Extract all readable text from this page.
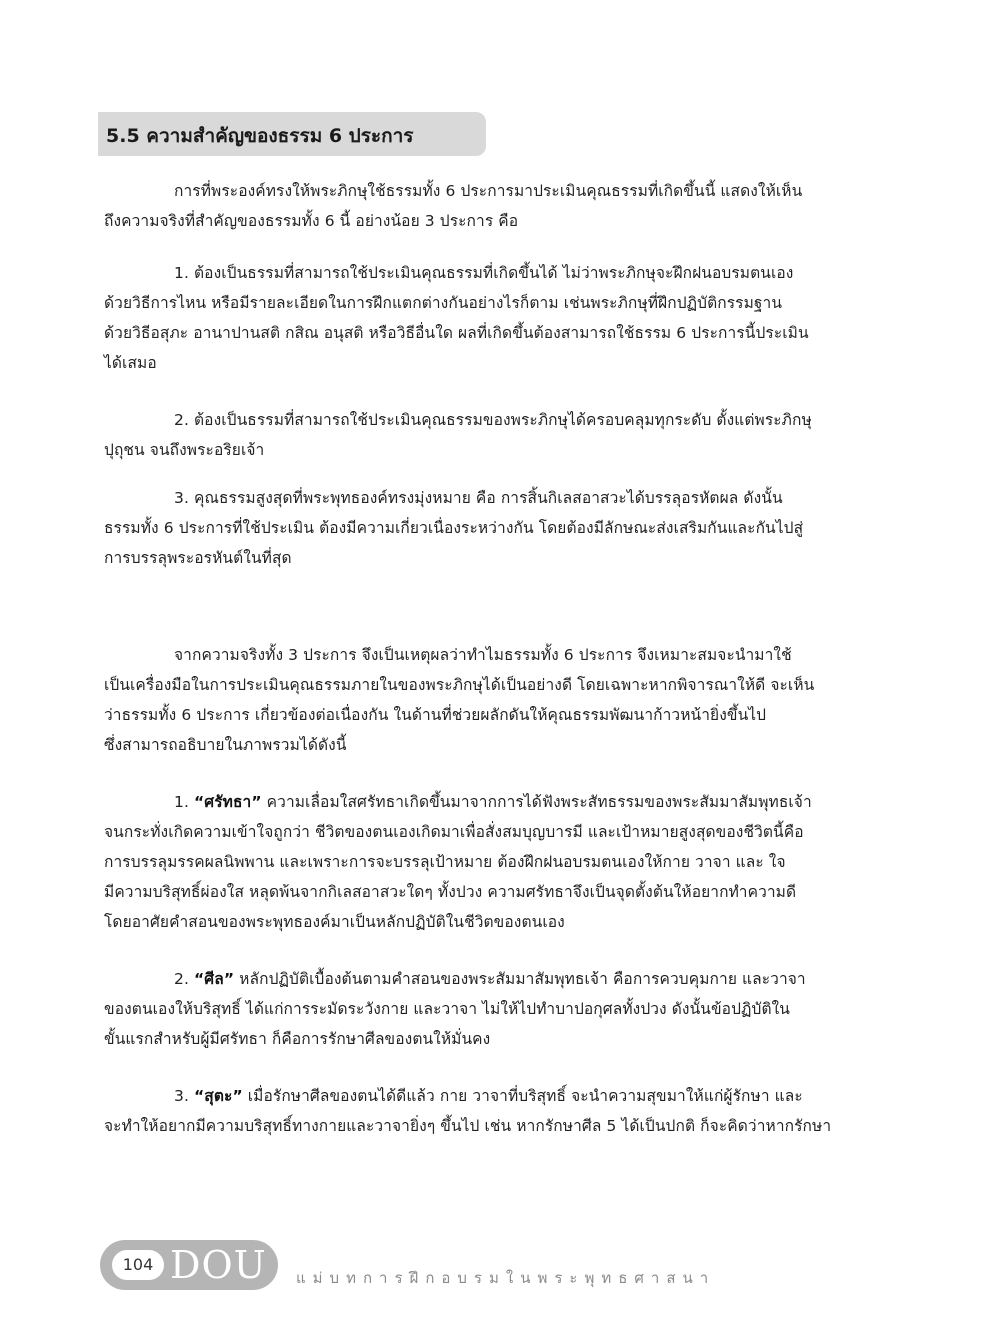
5.5 ความสำคัญของธรรม 6 ประการ
การที่พระองค์ทรงให้พระภิกษุใช้ธรรมทั้ง 6 ประการมาประเมินคุณธรรมที่เกิดขึ้นนี้ แสดงให้เห็น
ถึงความจริงที่สำคัญของธรรมทั้ง 6 นี้ อย่างน้อย 3 ประการ คือ
1. ต้องเป็นธรรมที่สามารถใช้ประเมินคุณธรรมที่เกิดขึ้นได้ ไม่ว่าพระภิกษุจะฝึกฝนอบรมตนเอง
ด้วยวิธีการไหน หรือมีรายละเอียดในการฝึกแตกต่างกันอย่างไรก็ตาม เช่นพระภิกษุที่ฝึกปฏิบัติกรรมฐาน
ด้วยวิธีอสุภะ อานาปานสติ กสิณ อนุสติ หรือวิธีอื่นใด ผลที่เกิดขึ้นต้องสามารถใช้ธรรม 6 ประการนี้ประเมิน
ได้เสมอ
2. ต้องเป็นธรรมที่สามารถใช้ประเมินคุณธรรมของพระภิกษุได้ครอบคลุมทุกระดับ ตั้งแต่พระภิกษุ
ปุถุชน จนถึงพระอริยเจ้า
3. คุณธรรมสูงสุดที่พระพุทธองค์ทรงมุ่งหมาย คือ การสิ้นกิเลสอาสวะได้บรรลุอรหัตผล ดังนั้น
ธรรมทั้ง 6 ประการที่ใช้ประเมิน ต้องมีความเกี่ยวเนื่องระหว่างกัน โดยต้องมีลักษณะส่งเสริมกันและกันไปสู่
การบรรลุพระอรหันต์ในที่สุด
จากความจริงทั้ง 3 ประการ จึงเป็นเหตุผลว่าทำไมธรรมทั้ง 6 ประการ จึงเหมาะสมจะนำมาใช้
เป็นเครื่องมือในการประเมินคุณธรรมภายในของพระภิกษุได้เป็นอย่างดี โดยเฉพาะหากพิจารณาให้ดี จะเห็น
ว่าธรรมทั้ง 6 ประการ เกี่ยวข้องต่อเนื่องกัน ในด้านที่ช่วยผลักดันให้คุณธรรมพัฒนาก้าวหน้ายิ่งขึ้นไป
ซึ่งสามารถอธิบายในภาพรวมได้ดังนี้
1. “ศรัทธา” ความเลื่อมใสศรัทธาเกิดขึ้นมาจากการได้ฟังพระสัทธรรมของพระสัมมาสัมพุทธเจ้า
จนกระทั่งเกิดความเข้าใจถูกว่า ชีวิตของตนเองเกิดมาเพื่อสั่งสมบุญบารมี และเป้าหมายสูงสุดของชีวิตนี้คือ
การบรรลุมรรคผลนิพพาน และเพราะการจะบรรลุเป้าหมาย ต้องฝึกฝนอบรมตนเองให้กาย วาจา และ ใจ
มีความบริสุทธิ์ผ่องใส หลุดพ้นจากกิเลสอาสวะใดๆ ทั้งปวง ความศรัทธาจึงเป็นจุดตั้งต้นให้อยากทำความดี
โดยอาศัยคำสอนของพระพุทธองค์มาเป็นหลักปฏิบัติในชีวิตของตนเอง
2. “ศีล” หลักปฏิบัติเบื้องต้นตามคำสอนของพระสัมมาสัมพุทธเจ้า คือการควบคุมกาย และวาจา
ของตนเองให้บริสุทธิ์ ได้แก่การระมัดระวังกาย และวาจา ไม่ให้ไปทำบาปอกุศลทั้งปวง ดังนั้นข้อปฏิบัติใน
ขั้นแรกสำหรับผู้มีศรัทธา ก็คือการรักษาศีลของตนให้มั่นคง
3. “สุตะ” เมื่อรักษาศีลของตนได้ดีแล้ว กาย วาจาที่บริสุทธิ์ จะนำความสุขมาให้แก่ผู้รักษา และ
จะทำให้อยากมีความบริสุทธิ์ทางกายและวาจายิ่งๆ ขึ้นไป เช่น หากรักษาศีล 5 ได้เป็นปกติ ก็จะคิดว่าหากรักษา
104 DOU แม่บทการฝึกอบรมในพระพุทธศาสนา
